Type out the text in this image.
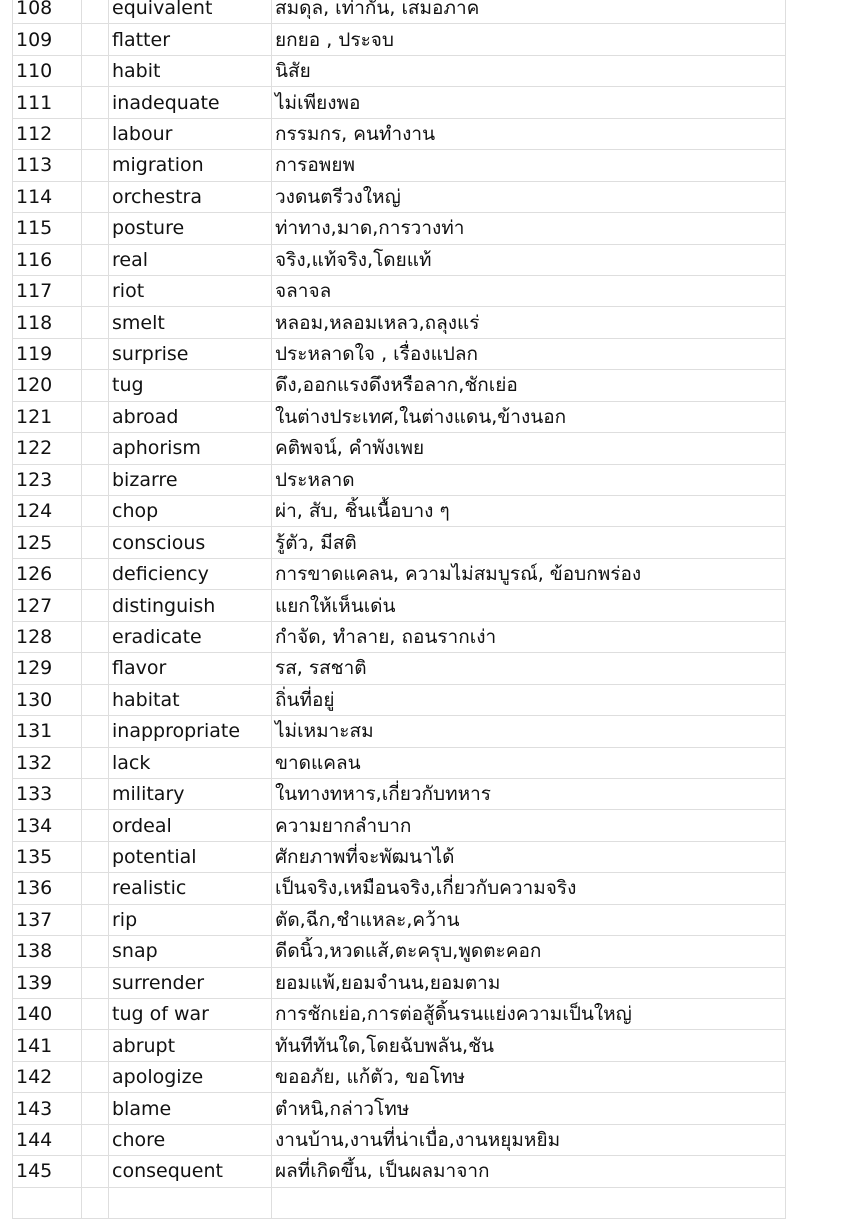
108	equivalent	สมดุล, เท่ากัน, เสมอภาค
109	flatter	ยกยอ , ประจบ
110	habit	นิสัย
111	inadequate	ไม่เพียงพอ
112	labour	กรรมกร, คนทำงาน
113	migration	การอพยพ
114	orchestra	วงดนตรีวงใหญ่
115	posture	ท่าทาง,มาด,การวางท่า
116	real	จริง,แท้จริง,โดยแท้
117	riot	จลาจล
118	smelt	หลอม,หลอมเหลว,ถลุงแร่
119	surprise	ประหลาดใจ , เรื่องแปลก
120	tug	ดึง,ออกแรงดึงหรือลาก,ชักเย่อ
121	abroad	ในต่างประเทศ,ในต่างแดน,ข้างนอก
122	aphorism	คติพจน์, คำพังเพย
123	bizarre	ประหลาด
124	chop	ผ่า, สับ, ชิ้นเนื้อบาง ๆ
125	conscious	รู้ตัว, มีสติ
126	deficiency	การขาดแคลน, ความไม่สมบูรณ์, ข้อบกพร่อง
127	distinguish	แยกให้เห็นเด่น
128	eradicate	กำจัด, ทำลาย, ถอนรากเง่า
129	flavor	รส, รสชาติ
130	habitat	ถิ่นที่อยู่
131	inappropriate	ไม่เหมาะสม
132	lack	ขาดแคลน
133	military	ในทางทหาร,เกี่ยวกับทหาร
134	ordeal	ความยากลำบาก
135	potential	ศักยภาพที่จะพัฒนาได้
136	realistic	เป็นจริง,เหมือนจริง,เกี่ยวกับความจริง
137	rip	ตัด,ฉีก,ชำแหละ,คว้าน
138	snap	ดีดนิ้ว,หวดแส้,ตะครุบ,พูดตะคอก
139	surrender	ยอมแพ้,ยอมจำนน,ยอมตาม
140	tug of war	การชักเย่อ,การต่อสู้ดิ้นรนแย่งความเป็นใหญ่
141	abrupt	ทันทีทันใด,โดยฉับพลัน,ชัน
142	apologize	ขออภัย, แก้ตัว, ขอโทษ
143	blame	ตำหนิ,กล่าวโทษ
144	chore	งานบ้าน,งานที่น่าเบื่อ,งานหยุมหยิม
145	consequent	ผลที่เกิดขึ้น, เป็นผลมาจาก
